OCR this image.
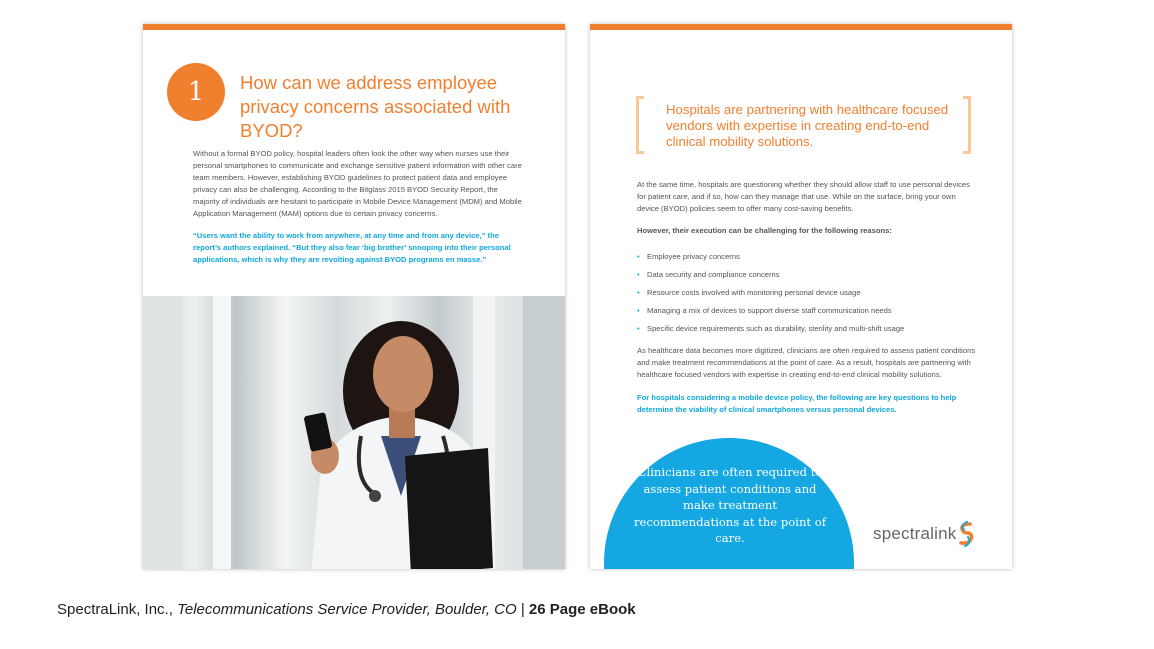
1	How can we address employee privacy concerns associated with BYOD?

Without a formal BYOD policy, hospital leaders often look the other way when nurses use their personal smartphones to communicate and exchange sensitive patient information with other care team members. However, establishing BYOD guidelines to protect patient data and employee privacy can also be challenging. According to the Bitglass 2015 BYOD Security Report, the majority of individuals are hesitant to participate in Mobile Device Management (MDM) and Mobile Application Management (MAM) options due to certain privacy concerns.

“Users want the ability to work from anywhere, at any time and from any device,” the report’s authors explained. “But they also fear ‘big brother’ snooping into their personal applications, which is why they are revolting against BYOD programs en masse.”

Hospitals are partnering with healthcare focused vendors with expertise in creating end-to-end clinical mobility solutions.

At the same time, hospitals are questioning whether they should allow staff to use personal devices for patient care, and if so, how can they manage that use. While on the surface, bring your own device (BYOD) policies seem to offer many cost-saving benefits.

However, their execution can be challenging for the following reasons:

• Employee privacy concerns
• Data security and compliance concerns
• Resource costs involved with monitoring personal device usage
• Managing a mix of devices to support diverse staff communication needs
• Specific device requirements such as durability, sterility and multi-shift usage

As healthcare data becomes more digitized, clinicians are often required to assess patient conditions and make treatment recommendations at the point of care. As a result, hospitals are partnering with healthcare focused vendors with expertise in creating end-to-end clinical mobility solutions.

For hospitals considering a mobile device policy, the following are key questions to help determine the viability of clinical smartphones versus personal devices.

Clinicians are often required to assess patient conditions and make treatment recommendations at the point of care.	spectralink
SpectraLink, Inc., Telecommunications Service Provider, Boulder, CO | 26 Page eBook
